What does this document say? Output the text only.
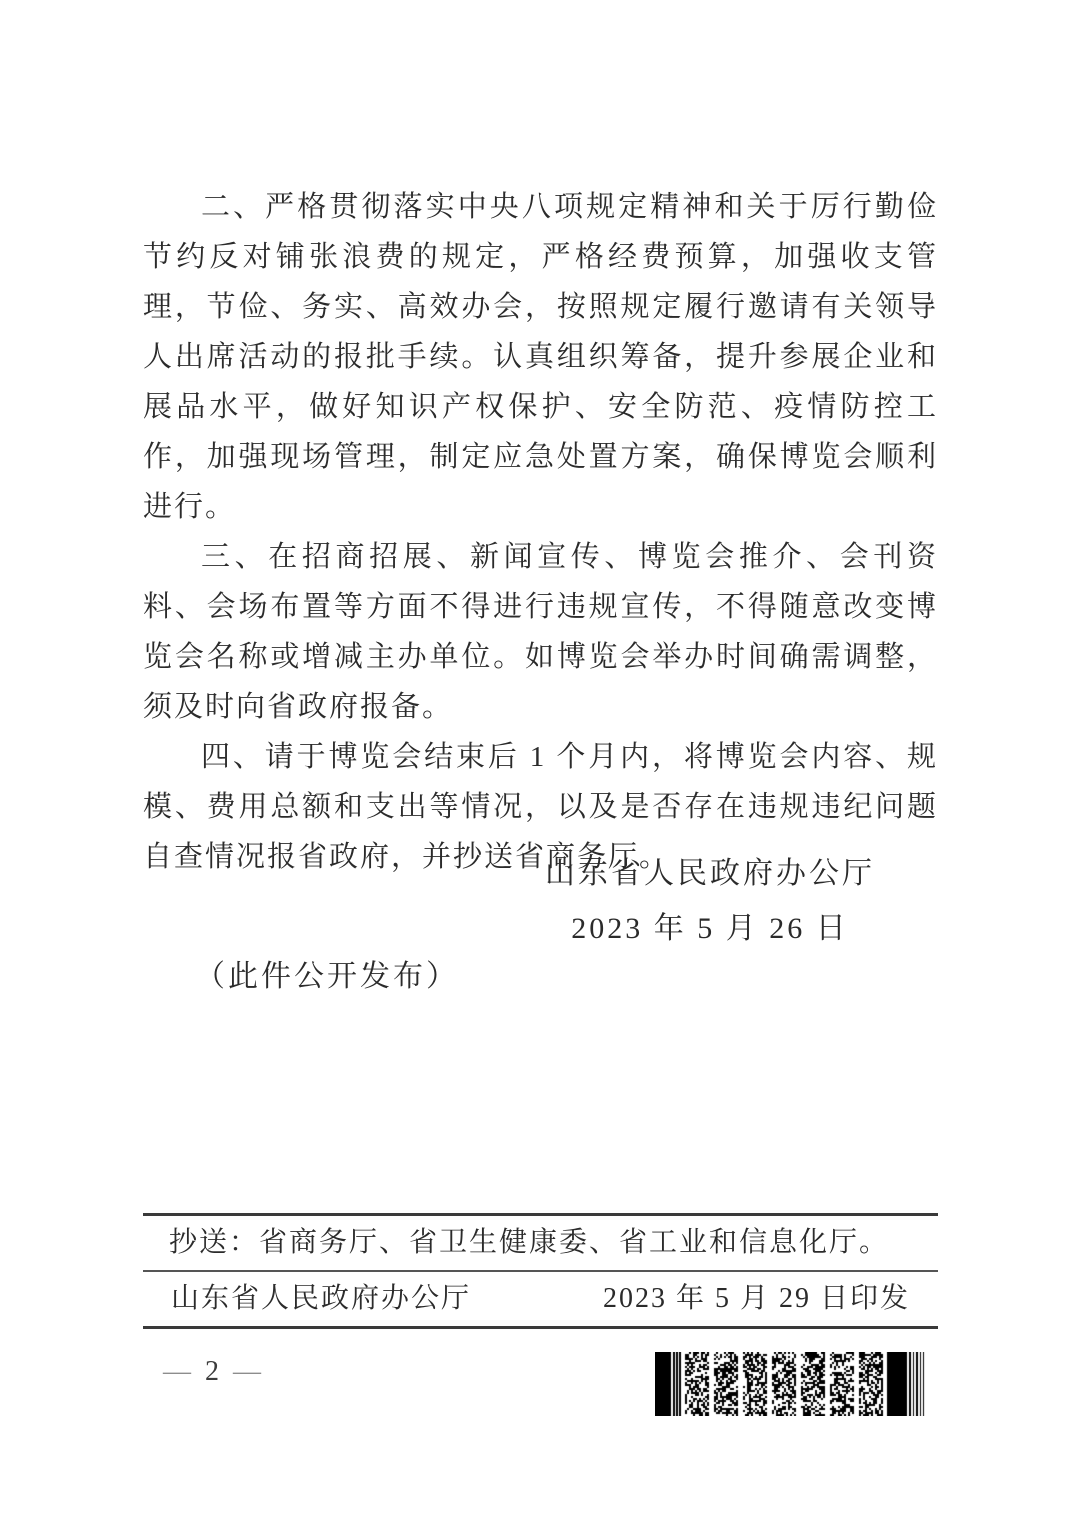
二、严格贯彻落实中央八项规定精神和关于厉行勤俭节约反对铺张浪费的规定，严格经费预算，加强收支管理，节俭、务实、高效办会，按照规定履行邀请有关领导人出席活动的报批手续。认真组织筹备，提升参展企业和展品水平，做好知识产权保护、安全防范、疫情防控工作，加强现场管理，制定应急处置方案，确保博览会顺利进行。

三、在招商招展、新闻宣传、博览会推介、会刊资料、会场布置等方面不得进行违规宣传，不得随意改变博览会名称或增减主办单位。如博览会举办时间确需调整，须及时向省政府报备。

四、请于博览会结束后 1 个月内，将博览会内容、规模、费用总额和支出等情况，以及是否存在违规违纪问题自查情况报省政府，并抄送省商务厅。

山东省人民政府办公厅
2023 年 5 月 26 日

（此件公开发布）

抄送：省商务厅、省卫生健康委、省工业和信息化厅。
山东省人民政府办公厅	2023 年 5 月 29 日印发
— 2 —
